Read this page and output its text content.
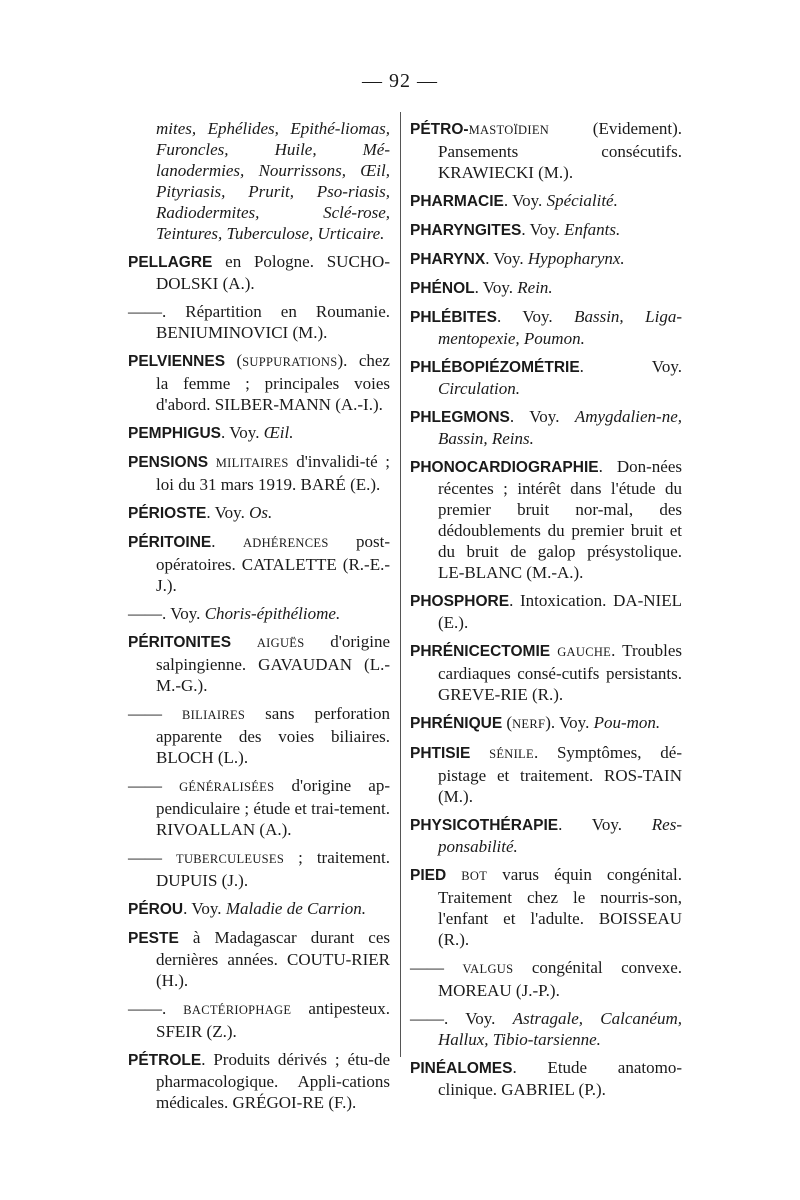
— 92 —
mites, Ephélides, Epithé-liomas, Furoncles, Huile, Mé-lanodermies, Nourrissons, Œil, Pityriasis, Prurit, Pso-riasis, Radiodermites, Sclé-rose, Teintures, Tuberculose, Urticaire.
PELLAGRE en Pologne. SUCHO-DOLSKI (A.).
——. Répartition en Roumanie. BENIUMINOVICI (M.).
PELVIENNES (SUPPURATIONS). chez la femme ; principales voies d'abord. SILBER-MANN (A.-I.).
PEMPHIGUS. Voy. Œil.
PENSIONS MILITAIRES d'invalidi-té ; loi du 31 mars 1919. BARÉ (E.).
PÉRIOSTE. Voy. Os.
PÉRITOINE. ADHÉRENCES post-opératoires. CATALETTE (R.-E.-J.).
——. Voy. Choris-épithéliome.
PÉRITONITES AIGUËS d'origine salpingienne. GAVAUDAN (L.-M.-G.).
—— BILIAIRES sans perforation apparente des voies biliaires. BLOCH (L.).
—— GÉNÉRALISÉES d'origine ap-pendiculaire ; étude et trai-tement. RIVOALLAN (A.).
—— TUBERCULEUSES ; traitement. DUPUIS (J.).
PÉROU. Voy. Maladie de Carrion.
PESTE à Madagascar durant ces dernières années. COUTU-RIER (H.).
——. BACTÉRIOPHAGE antipesteux. SFEIR (Z.).
PÉTROLE. Produits dérivés ; étu-de pharmacologique. Appli-cations médicales. GRÉGOI-RE (F.).
PÉTRO-MASTOÏDIEN (Evidement). Pansements consécutifs. KRAWIECKI (M.).
PHARMACIE. Voy. Spécialité.
PHARYNGITES. Voy. Enfants.
PHARYNX. Voy. Hypopharynx.
PHÉNOL. Voy. Rein.
PHLÉBITES. Voy. Bassin, Liga-mentopexie, Poumon.
PHLÉBOPIÉZOMÉTRIE. Voy. Circulation.
PHLEGMONS. Voy. Amygdalien-ne, Bassin, Reins.
PHONOCARDIOGRAPHIE. Don-nées récentes ; intérêt dans l'étude du premier bruit nor-mal, des dédoublements du premier bruit et du bruit de galop présystolique. LE-BLANC (M.-A.).
PHOSPHORE. Intoxication. DA-NIEL (E.).
PHRÉNICECTOMIE GAUCHE. Troubles cardiaques consé-cutifs persistants. GREVE-RIE (R.).
PHRÉNIQUE (NERF). Voy. Pou-mon.
PHTISIE SÉNILE. Symptômes, dé-pistage et traitement. ROS-TAIN (M.).
PHYSICOTHÉRAPIE. Voy. Res-ponsabilité.
PIED BOT varus équin congénital. Traitement chez le nourris-son, l'enfant et l'adulte. BOISSEAU (R.).
—— VALGUS congénital convexe. MOREAU (J.-P.).
——. Voy. Astragale, Calcanéum, Hallux, Tibio-tarsienne.
PINÉALOMES. Etude anatomo-clinique. GABRIEL (P.).
